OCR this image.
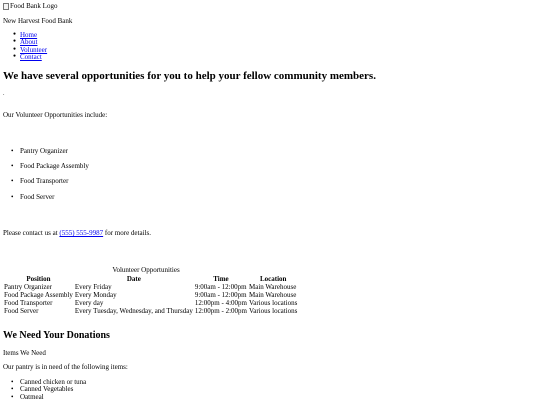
Food Bank Logo
New Harvest Food Bank
● Home
● About
● Volunteer
● Contact
We have several opportunities for you to help your fellow community members.
.
Our Volunteer Opportunities include:
• Pantry Organizer
• Food Package Assembly
• Food Transporter
• Food Server
Please contact us at (555) 555-9987 for more details.
Volunteer Opportunities
Position	Date	Time	Location
Pantry Organizer	Every Friday	9:00am - 12:00pm	Main Warehouse
Food Package Assembly	Every Monday	9:00am - 12:00pm	Main Warehouse
Food Transporter	Every day	12:00pm - 4:00pm	Various locations
Food Server	Every Tuesday, Wednesday, and Thursday	12:00pm - 2:00pm	Various locations
We Need Your Donations
Items We Need
Our pantry is in need of the following items:
• Canned chicken or tuna
• Canned Vegetables
• Oatmeal
